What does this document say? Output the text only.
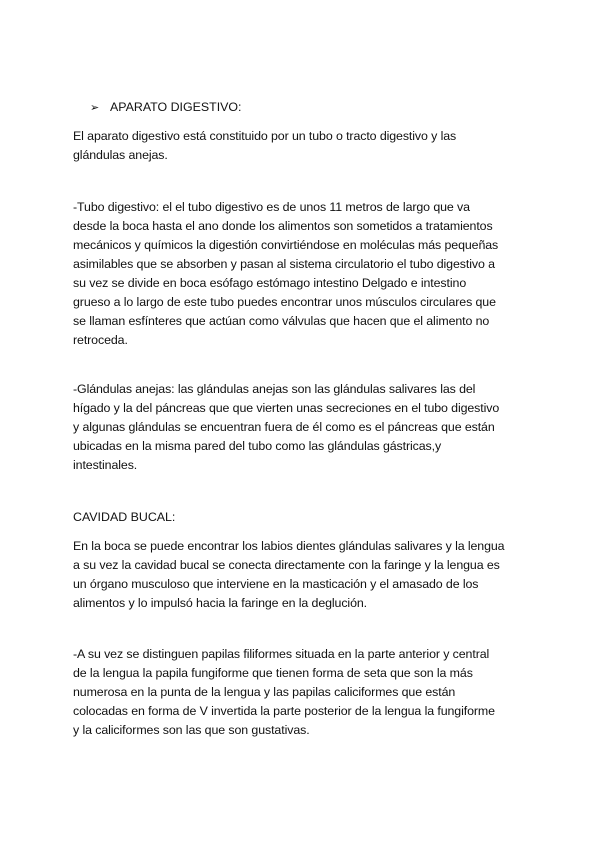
➢ APARATO DIGESTIVO:
El aparato digestivo está constituido por un tubo o tracto digestivo y las
glándulas anejas.
-Tubo digestivo: el el tubo digestivo es de unos 11 metros de largo que va
desde la boca hasta el ano donde los alimentos son sometidos a tratamientos
mecánicos y químicos la digestión convirtiéndose en moléculas más pequeñas
asimilables que se absorben y pasan al sistema circulatorio el tubo digestivo a
su vez se divide en boca esófago estómago intestino Delgado e intestino
grueso a lo largo de este tubo puedes encontrar unos músculos circulares que
se llaman esfínteres que actúan como válvulas que hacen que el alimento no
retroceda.
-Glándulas anejas: las glándulas anejas son las glándulas salivares las del
hígado y la del páncreas que que vierten unas secreciones en el tubo digestivo
y algunas glándulas se encuentran fuera de él como es el páncreas que están
ubicadas en la misma pared del tubo como las glándulas gástricas,y
intestinales.
CAVIDAD BUCAL:
En la boca se puede encontrar los labios dientes glándulas salivares y la lengua
a su vez la cavidad bucal se conecta directamente con la faringe y la lengua es
un órgano musculoso que interviene en la masticación y el amasado de los
alimentos y lo impulsó hacia la faringe en la deglución.
-A su vez se distinguen papilas filiformes situada en la parte anterior y central
de la lengua la papila fungiforme que tienen forma de seta que son la más
numerosa en la punta de la lengua y las papilas caliciformes que están
colocadas en forma de V invertida la parte posterior de la lengua la fungiforme
y la caliciformes son las que son gustativas.
